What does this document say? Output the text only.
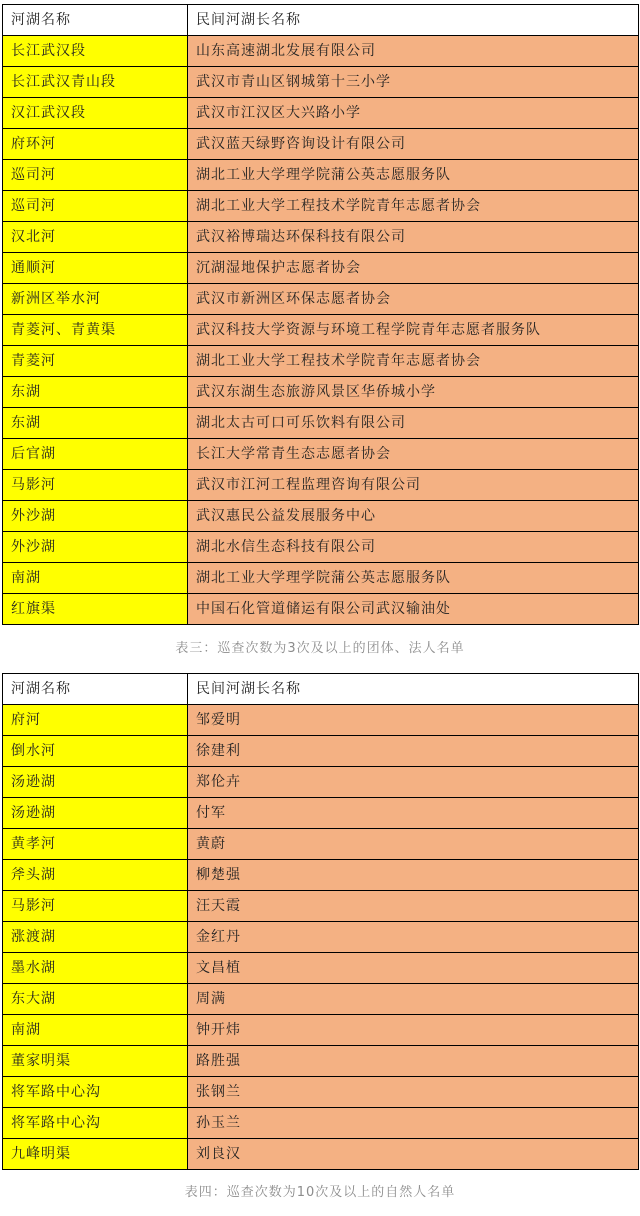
河湖名称	民间河湖长名称
长江武汉段	山东高速湖北发展有限公司
长江武汉青山段	武汉市青山区钢城第十三小学
汉江武汉段	武汉市江汉区大兴路小学
府环河	武汉蓝天绿野咨询设计有限公司
巡司河	湖北工业大学理学院蒲公英志愿服务队
巡司河	湖北工业大学工程技术学院青年志愿者协会
汉北河	武汉裕博瑞达环保科技有限公司
通顺河	沉湖湿地保护志愿者协会
新洲区举水河	武汉市新洲区环保志愿者协会
青菱河、青黄渠	武汉科技大学资源与环境工程学院青年志愿者服务队
青菱河	湖北工业大学工程技术学院青年志愿者协会
东湖	武汉东湖生态旅游风景区华侨城小学
东湖	湖北太古可口可乐饮料有限公司
后官湖	长江大学常青生态志愿者协会
马影河	武汉市江河工程监理咨询有限公司
外沙湖	武汉惠民公益发展服务中心
外沙湖	湖北水信生态科技有限公司
南湖	湖北工业大学理学院蒲公英志愿服务队
红旗渠	中国石化管道储运有限公司武汉输油处
表三：巡查次数为3次及以上的团体、法人名单
河湖名称	民间河湖长名称
府河	邹爱明
倒水河	徐建利
汤逊湖	郑伦卉
汤逊湖	付军
黄孝河	黄蔚
斧头湖	柳楚强
马影河	汪天霞
涨渡湖	金红丹
墨水湖	文昌植
东大湖	周满
南湖	钟开炜
董家明渠	路胜强
将军路中心沟	张钢兰
将军路中心沟	孙玉兰
九峰明渠	刘良汉
表四：巡查次数为10次及以上的自然人名单
